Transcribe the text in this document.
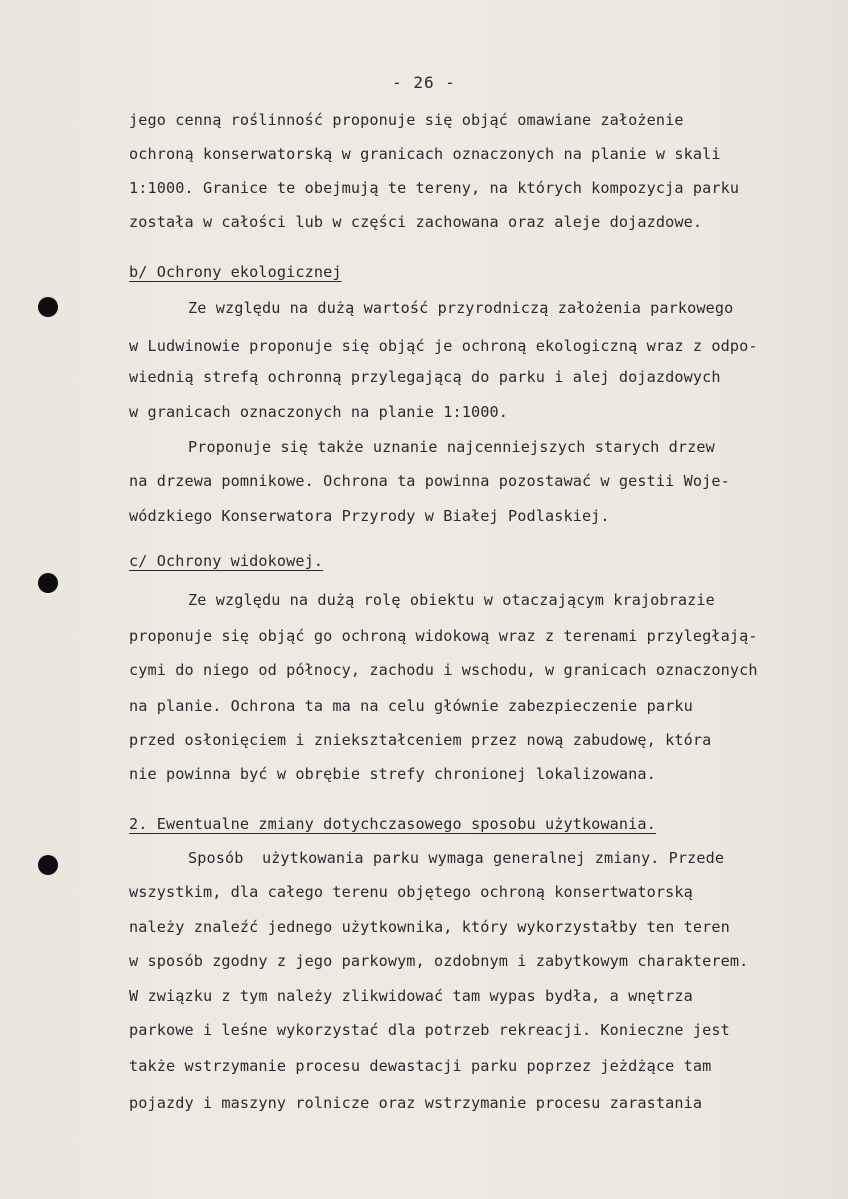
- 26 -
jego cenną roślinność proponuje się objąć omawiane założenie
ochroną konserwatorską w granicach oznaczonych na planie w skali
1:1000. Granice te obejmują te tereny, na których kompozycja parku
została w całości lub w części zachowana oraz aleje dojazdowe.
b/ Ochrony ekologicznej
Ze względu na dużą wartość przyrodniczą założenia parkowego
w Ludwinowie proponuje się objąć je ochroną ekologiczną wraz z odpo-
wiednią strefą ochronną przylegającą do parku i alej dojazdowych
w granicach oznaczonych na planie 1:1000.
Proponuje się także uznanie najcenniejszych starych drzew
na drzewa pomnikowe. Ochrona ta powinna pozostawać w gestii Woje-
wódzkiego Konserwatora Przyrody w Białej Podlaskiej.
c/ Ochrony widokowej.
Ze względu na dużą rolę obiektu w otaczającym krajobrazie
proponuje się objąć go ochroną widokową wraz z terenami przyległają-
cymi do niego od północy, zachodu i wschodu, w granicach oznaczonych
na planie. Ochrona ta ma na celu głównie zabezpieczenie parku
przed osłonięciem i zniekształceniem przez nową zabudowę, która
nie powinna być w obrębie strefy chronionej lokalizowana.
2. Ewentualne zmiany dotychczasowego sposobu użytkowania.
Sposób  użytkowania parku wymaga generalnej zmiany. Przede
wszystkim, dla całego terenu objętego ochroną konsertwatorską
należy znaleźć jednego użytkownika, który wykorzystałby ten teren
w sposób zgodny z jego parkowym, ozdobnym i zabytkowym charakterem.
W związku z tym należy zlikwidować tam wypas bydła, a wnętrza
parkowe i leśne wykorzystać dla potrzeb rekreacji. Konieczne jest
także wstrzymanie procesu dewastacji parku poprzez jeżdżące tam
pojazdy i maszyny rolnicze oraz wstrzymanie procesu zarastania
